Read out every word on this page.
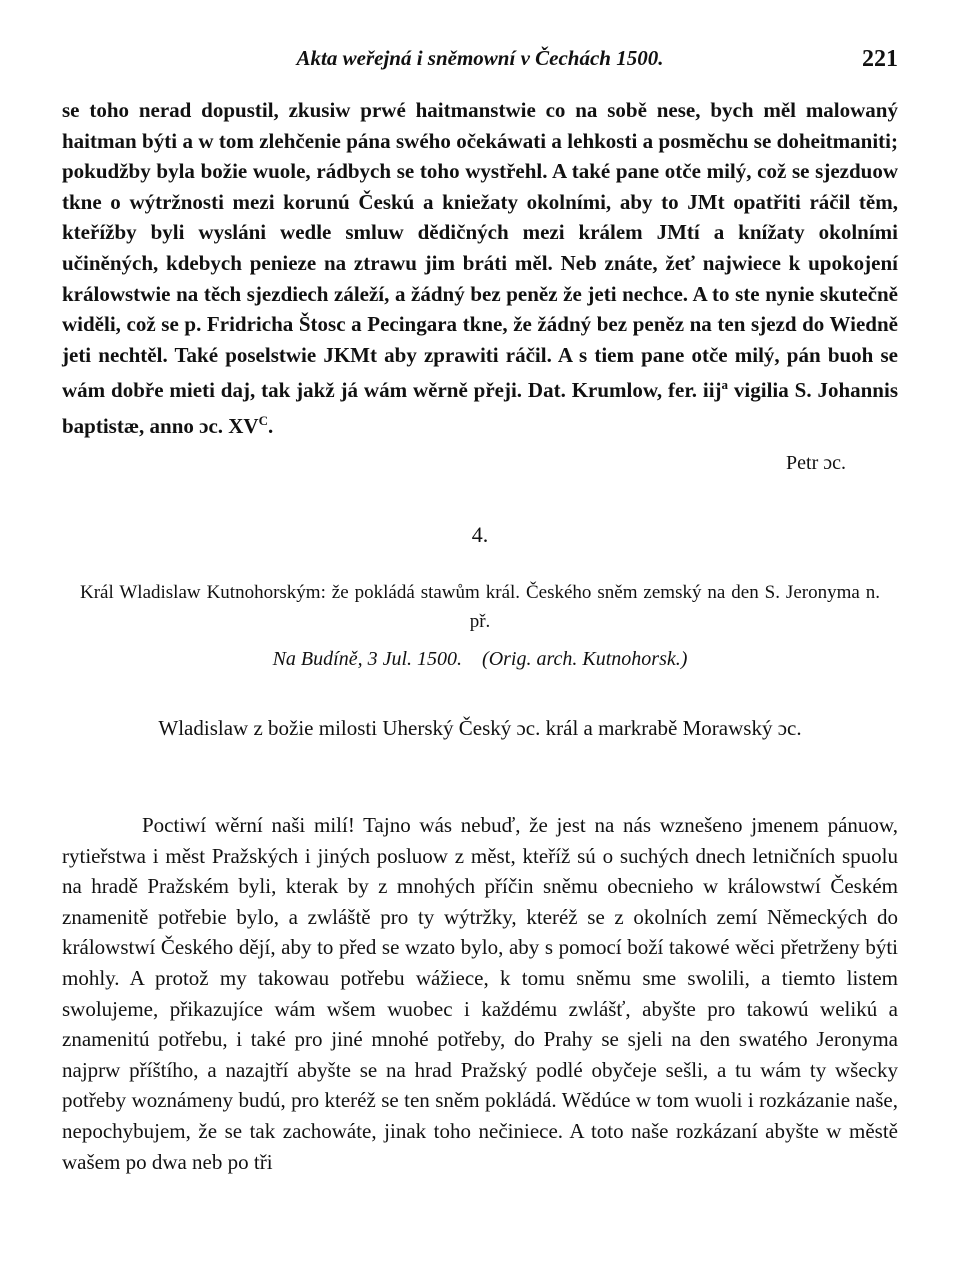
Akta weřejná i sněmowní v Čechách 1500.	221

se toho nerad dopustil, zkusiw prwé haitmanstwie co na sobě nese, bych měl malowaný haitman býti a w tom zlehčenie pána swého očekáwati a lehkosti a posměchu se doheitmaniti; pokudžby byla božie wuole, rádbych se toho wystřehl. A také pane otče milý, což se sjezduow tkne o wýtržnosti mezi korunú Českú a kniežaty okolními, aby to JMt opatřiti ráčil těm, kteřížby byli wysláni wedle smluw dědičných mezi králem JMtí a knížaty okolními učiněných, kdebych penieze na ztrawu jim bráti měl. Neb znáte, žeť najwiece k upokojení králowstwie na těch sjezdiech záleží, a žádný bez peněz že jeti nechce. A to ste nynie skutečně widěli, což se p. Fridricha Štosc a Pecingara tkne, že žádný bez peněz na ten sjezd do Wiedně jeti nechtěl. Také poselstwie JKMt aby zprawiti ráčil. A s tiem pane otče milý, pán buoh se wám dobře mieti daj, tak jakž já wám wěrně přeji. Dat. Krumlow, fer. iij$^a$ vigilia S. Johannis baptistæ, anno ɔc. $XV^C$.

Petr ɔc.
4.

Král Wladislaw Kutnohorským: že pokládá stawům král. Českého sněm zemský na den S. Jeronyma n. př.

Na Budíně, 3 Jul. 1500. (Orig. arch. Kutnohorsk.)

Wladislaw z božie milosti Uherský Český ɔc. král a markrabě Morawský ɔc.

Poctiwí wěrní naši milí! Tajno wás nebuď, že jest na nás wznešeno jmenem pánuow, rytieřstwa i měst Pražských i jiných posluow z měst, kteříž sú o suchých dnech letničních spuolu na hradě Pražském byli, kterak by z mnohých příčin sněmu obecnieho w králowstwí Českém znamenitě potřebie bylo, a zwláště pro ty wýtržky, kteréž se z okolních zemí Německých do králowstwí Českého dějí, aby to před se wzato bylo, aby s pomocí boží takowé wěci přetrženy býti mohly. A protož my takowau potřebu wážiece, k tomu sněmu sme swolili, a tiemto listem swolujeme, přikazujíce wám wšem wuobec i každému zwlášť, abyšte pro takowú welikú a znamenitú potřebu, i také pro jiné mnohé potřeby, do Prahy se sjeli na den swatého Jeronyma najprw příštího, a nazajtří abyšte se na hrad Pražský podlé obyčeje sešli, a tu wám ty wšecky potřeby woznámeny budú, pro kteréž se ten sněm pokládá. Wědúce w tom wuoli i rozkázanie naše, nepochybujem, že se tak zachowáte, jinak toho nečiniece. A toto naše rozkázaní abyšte w městě wašem po dwa neb po tři
